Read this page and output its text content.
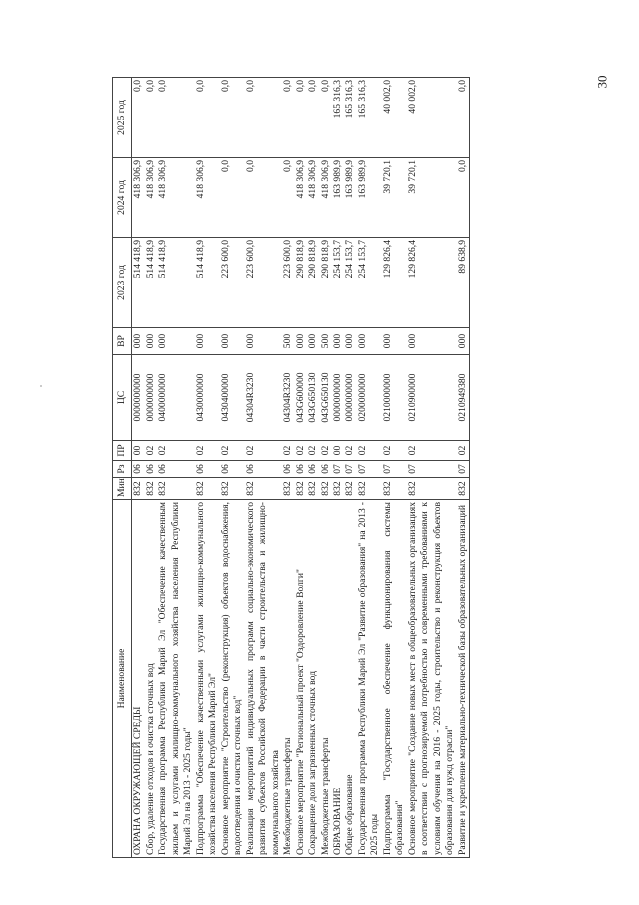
30
Наименование	Мин	Рз	ПР	ЦС	ВР	2023 год	2024 год	2025 год
ОХРАНА ОКРУЖАЮЩЕЙ СРЕДЫ	832	06	00	0000000000	000	514 418,9	418 306,9	0,0
Сбор, удаление отходов и очистка сточных вод	832	06	02	0000000000	000	514 418,9	418 306,9	0,0
Государственная программа Республики Марий Эл "Обеспечение качественным жильем и услугами жилищно-коммунального хозяйства населения Республики Марий Эл на 2013 - 2025 годы"	832	06	02	0400000000	000	514 418,9	418 306,9	0,0
Подпрограмма "Обеспечение качественными услугами жилищно-коммунального хозяйства населения Республики Марий Эл"	832	06	02	0430000000	000	514 418,9	418 306,9	0,0
Основное мероприятие "Строительство (реконструкция) объектов водоснабжения, водоотведения и очистки сточных вод"	832	06	02	0430400000	000	223 600,0	0,0	0,0
Реализация мероприятий индивидуальных программ социально-экономического развития субъектов Российской Федерации в части строительства и жилищно-коммунального хозяйства	832	06	02	04304R3230	000	223 600,0	0,0	0,0
Межбюджетные трансферты	832	06	02	04304R3230	500	223 600,0	0,0	0,0
Основное мероприятие "Региональный проект "Оздоровление Волги"	832	06	02	043G600000	000	290 818,9	418 306,9	0,0
Сокращение доли загрязненных сточных вод	832	06	02	043G650130	000	290 818,9	418 306,9	0,0
Межбюджетные трансферты	832	06	02	043G650130	500	290 818,9	418 306,9	0,0
ОБРАЗОВАНИЕ	832	07	00	0000000000	000	254 153,7	163 989,9	165 316,3
Общее образование	832	07	02	0000000000	000	254 153,7	163 989,9	165 316,3
Государственная программа Республики Марий Эл "Развитие образования" на 2013 - 2025 годы	832	07	02	0200000000	000	254 153,7	163 989,9	165 316,3
Подпрограмма "Государственное обеспечение функционирования системы образования"	832	07	02	0210000000	000	129 826,4	39 720,1	40 002,0
Основное мероприятие "Создание новых мест в общеобразовательных организациях в соответствии с прогнозируемой потребностью и современными требованиями к условиям обучения на 2016 - 2025 годы, строительство и реконструкция объектов образования для нужд отрасли"	832	07	02	0210900000	000	129 826,4	39 720,1	40 002,0
Развитие и укрепление материально-технической базы образовательных организаций	832	07	02	0210949380	000	89 638,9	0,0	0,0
